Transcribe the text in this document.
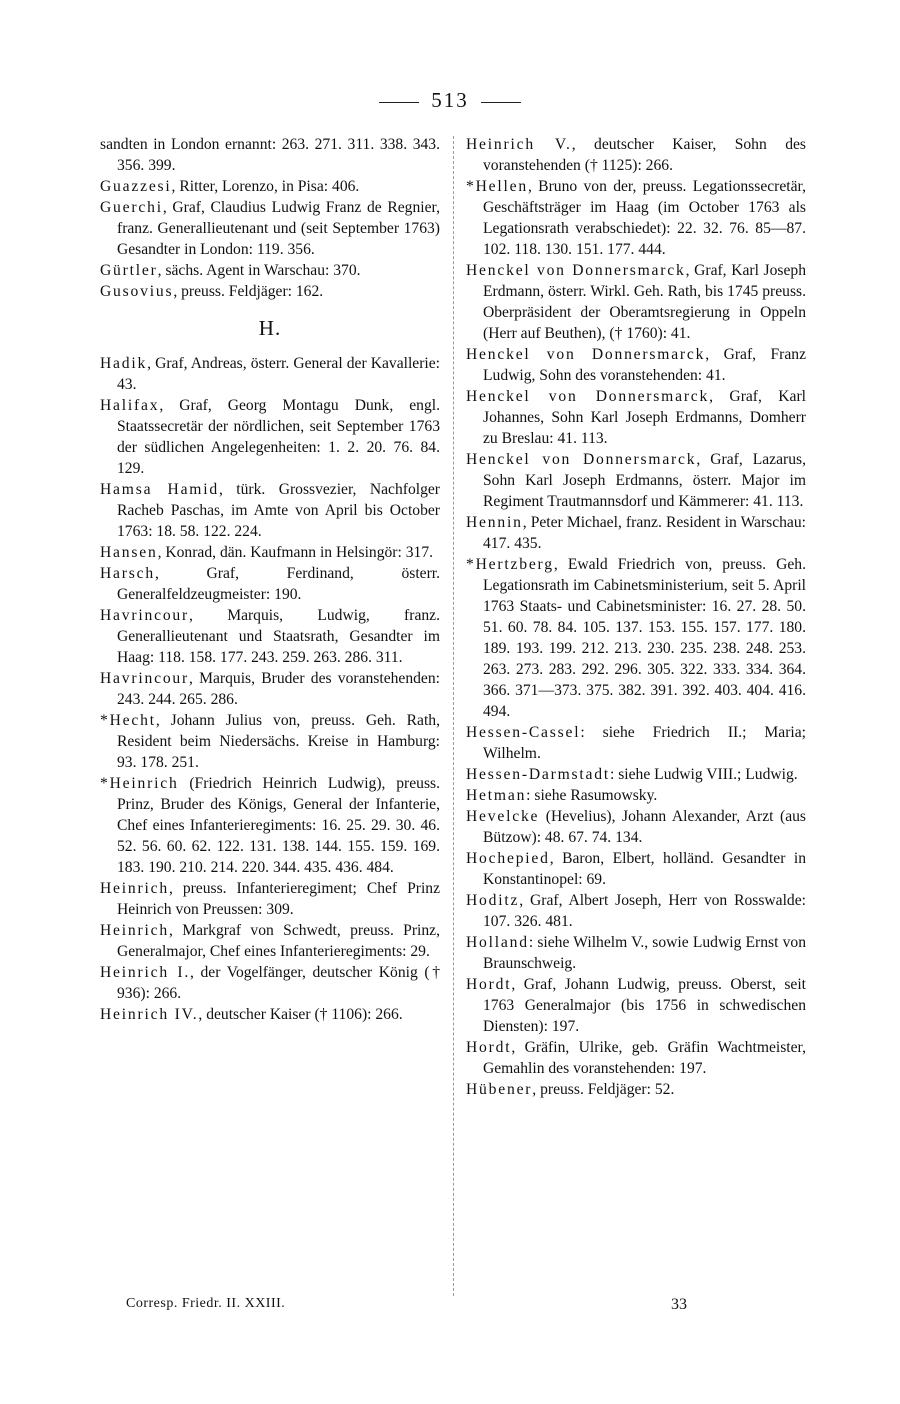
513

sandten in London ernannt: 263. 271. 311. 338. 343. 356. 399.

Guazzesi, Ritter, Lorenzo, in Pisa: 406.

Guerchi, Graf, Claudius Ludwig Franz de Regnier, franz. Generallieutenant und (seit September 1763) Gesandter in London: 119. 356.

Gürtler, sächs. Agent in Warschau: 370.

Gusovius, preuss. Feldjäger: 162.

H.

Hadik, Graf, Andreas, österr. General der Kavallerie: 43.

Halifax, Graf, Georg Montagu Dunk, engl. Staatssecretär der nördlichen, seit September 1763 der südlichen Angelegenheiten: 1. 2. 20. 76. 84. 129.

Hamsa Hamid, türk. Grossvezier, Nachfolger Racheb Paschas, im Amte von April bis October 1763: 18. 58. 122. 224.

Hansen, Konrad, dän. Kaufmann in Helsingör: 317.

Harsch, Graf, Ferdinand, österr. Generalfeldzeugmeister: 190.

Havrincour, Marquis, Ludwig, franz. Generallieutenant und Staatsrath, Gesandter im Haag: 118. 158. 177. 243. 259. 263. 286. 311.

Havrincour, Marquis, Bruder des voranstehenden: 243. 244. 265. 286.

*Hecht, Johann Julius von, preuss. Geh. Rath, Resident beim Niedersächs. Kreise in Hamburg: 93. 178. 251.

*Heinrich (Friedrich Heinrich Ludwig), preuss. Prinz, Bruder des Königs, General der Infanterie, Chef eines Infanterieregiments: 16. 25. 29. 30. 46. 52. 56. 60. 62. 122. 131. 138. 144. 155. 159. 169. 183. 190. 210. 214. 220. 344. 435. 436. 484.

Heinrich, preuss. Infanterieregiment; Chef Prinz Heinrich von Preussen: 309.

Heinrich, Markgraf von Schwedt, preuss. Prinz, Generalmajor, Chef eines Infanterieregiments: 29.

Heinrich I., der Vogelfänger, deutscher König († 936): 266.

Heinrich IV., deutscher Kaiser († 1106): 266.

Heinrich V., deutscher Kaiser, Sohn des voranstehenden († 1125): 266.

*Hellen, Bruno von der, preuss. Legationssecretär, Geschäftsträger im Haag (im October 1763 als Legationsrath verabschiedet): 22. 32. 76. 85—87. 102. 118. 130. 151. 177. 444.

Henckel von Donnersmarck, Graf, Karl Joseph Erdmann, österr. Wirkl. Geh. Rath, bis 1745 preuss. Oberpräsident der Oberamtsregierung in Oppeln (Herr auf Beuthen), († 1760): 41.

Henckel von Donnersmarck, Graf, Franz Ludwig, Sohn des voranstehenden: 41.

Henckel von Donnersmarck, Graf, Karl Johannes, Sohn Karl Joseph Erdmanns, Domherr zu Breslau: 41. 113.

Henckel von Donnersmarck, Graf, Lazarus, Sohn Karl Joseph Erdmanns, österr. Major im Regiment Trautmannsdorf und Kämmerer: 41. 113.

Hennin, Peter Michael, franz. Resident in Warschau: 417. 435.

*Hertzberg, Ewald Friedrich von, preuss. Geh. Legationsrath im Cabinetsministerium, seit 5. April 1763 Staats- und Cabinetsminister: 16. 27. 28. 50. 51. 60. 78. 84. 105. 137. 153. 155. 157. 177. 180. 189. 193. 199. 212. 213. 230. 235. 238. 248. 253. 263. 273. 283. 292. 296. 305. 322. 333. 334. 364. 366. 371—373. 375. 382. 391. 392. 403. 404. 416. 494.

Hessen-Cassel: siehe Friedrich II.; Maria; Wilhelm.

Hessen-Darmstadt: siehe Ludwig VIII.; Ludwig.

Hetman: siehe Rasumowsky.

Hevelcke (Hevelius), Johann Alexander, Arzt (aus Bützow): 48. 67. 74. 134.

Hochepied, Baron, Elbert, holländ. Gesandter in Konstantinopel: 69.

Hoditz, Graf, Albert Joseph, Herr von Rosswalde: 107. 326. 481.

Holland: siehe Wilhelm V., sowie Ludwig Ernst von Braunschweig.

Hordt, Graf, Johann Ludwig, preuss. Oberst, seit 1763 Generalmajor (bis 1756 in schwedischen Diensten): 197.

Hordt, Gräfin, Ulrike, geb. Gräfin Wachtmeister, Gemahlin des voranstehenden: 197.

Hübener, preuss. Feldjäger: 52.

Corresp. Friedr. II. XXIII.	33
